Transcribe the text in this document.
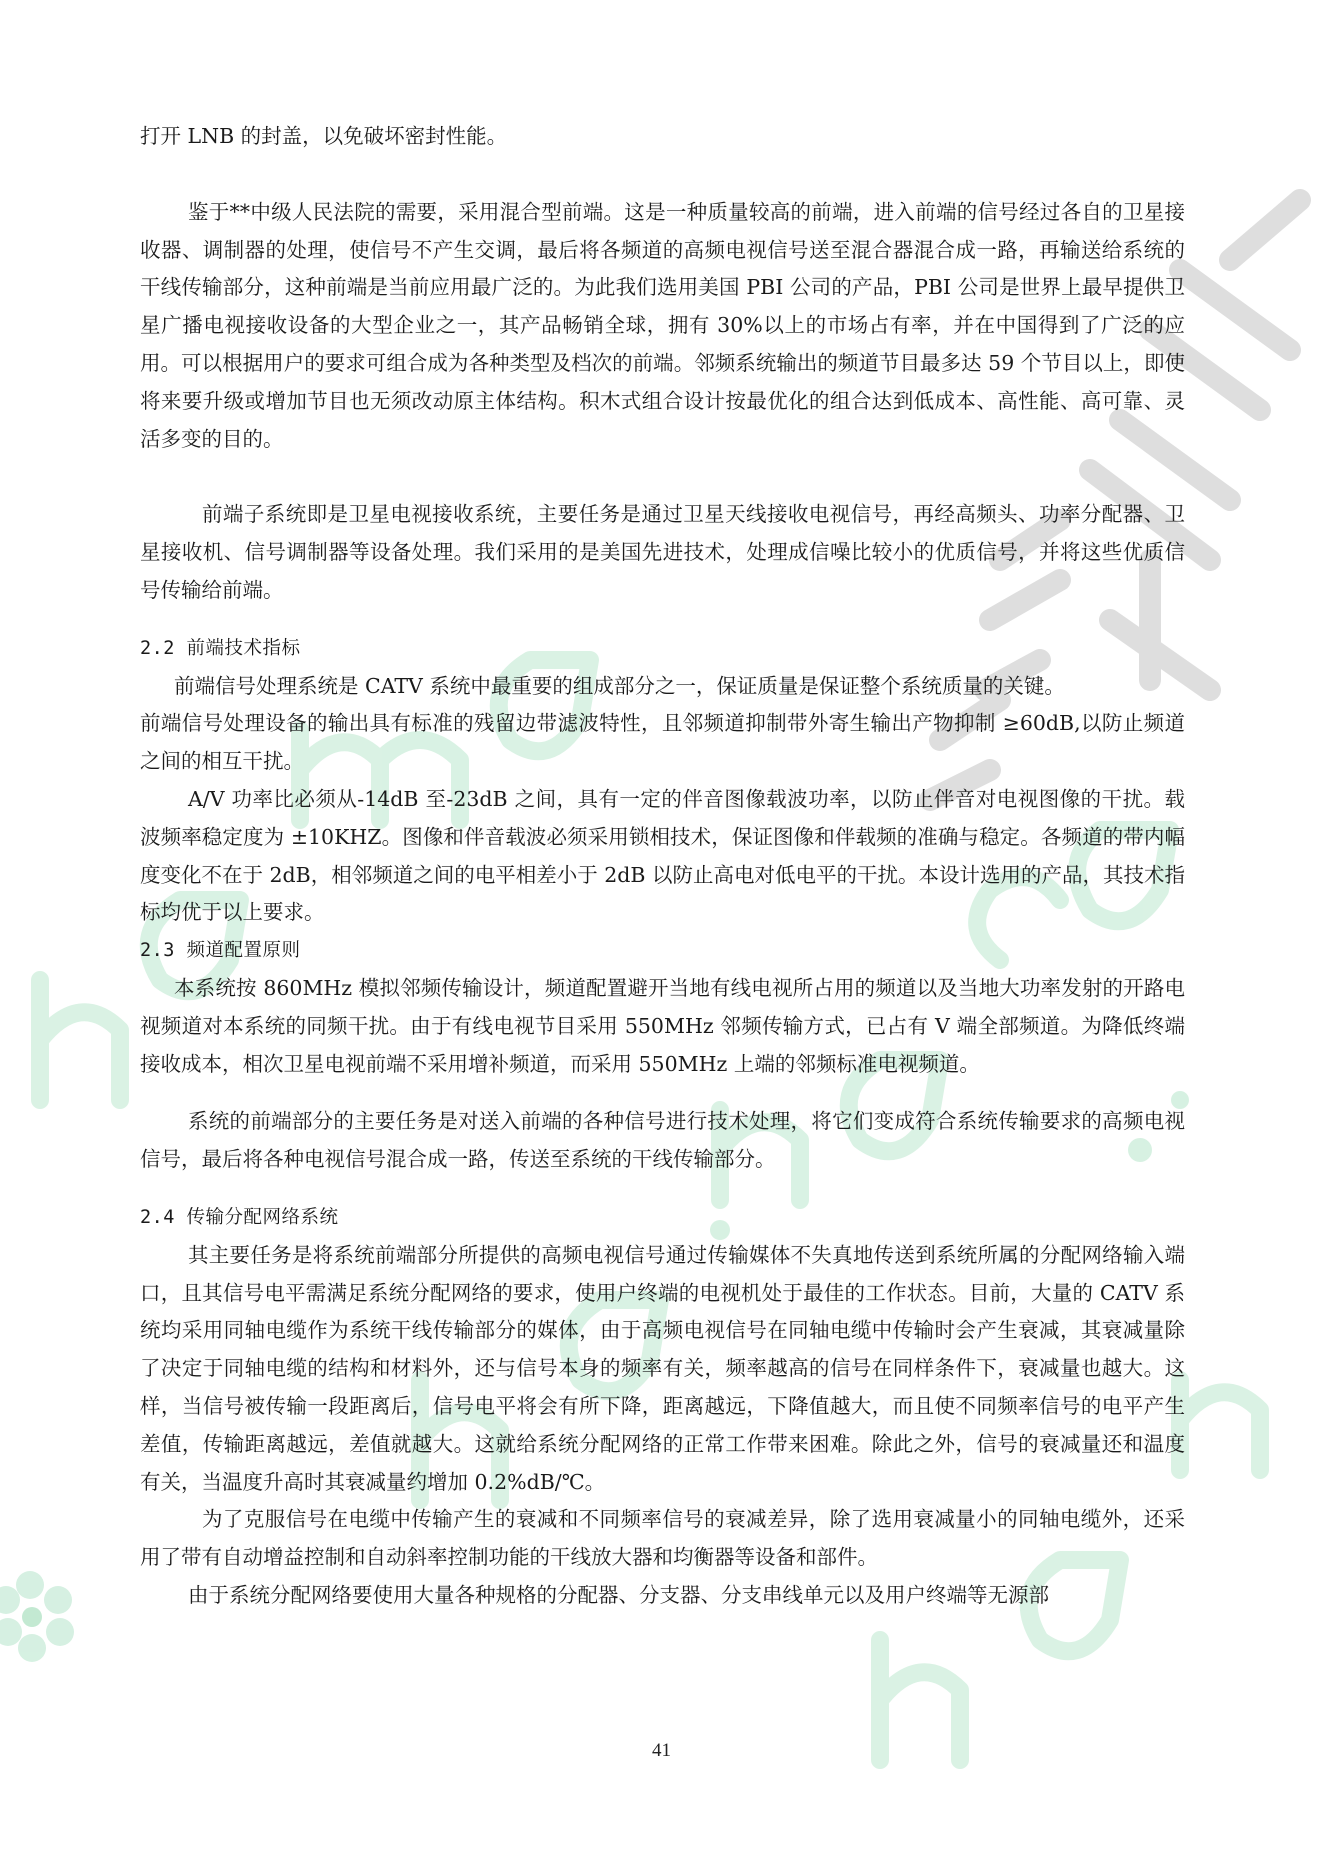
打开 LNB 的封盖，以免破坏密封性能。

鉴于**中级人民法院的需要，采用混合型前端。这是一种质量较高的前端，进入前端的信号经过各自的卫星接收器、调制器的处理，使信号不产生交调，最后将各频道的高频电视信号送至混合器混合成一路，再输送给系统的干线传输部分，这种前端是当前应用最广泛的。为此我们选用美国 PBI 公司的产品，PBI 公司是世界上最早提供卫星广播电视接收设备的大型企业之一，其产品畅销全球，拥有 30%以上的市场占有率，并在中国得到了广泛的应用。可以根据用户的要求可组合成为各种类型及档次的前端。邻频系统输出的频道节目最多达 59 个节目以上，即使将来要升级或增加节目也无须改动原主体结构。积木式组合设计按最优化的组合达到低成本、高性能、高可靠、灵活多变的目的。

前端子系统即是卫星电视接收系统，主要任务是通过卫星天线接收电视信号，再经高频头、功率分配器、卫星接收机、信号调制器等设备处理。我们采用的是美国先进技术，处理成信噪比较小的优质信号，并将这些优质信号传输给前端。

2.2 前端技术指标

前端信号处理系统是 CATV 系统中最重要的组成部分之一，保证质量是保证整个系统质量的关键。

前端信号处理设备的输出具有标准的残留边带滤波特性，且邻频道抑制带外寄生输出产物抑制 ≥60dB,以防止频道之间的相互干扰。

A/V 功率比必须从-14dB 至-23dB 之间，具有一定的伴音图像载波功率，以防止伴音对电视图像的干扰。载波频率稳定度为 ±10KHZ。图像和伴音载波必须采用锁相技术，保证图像和伴载频的准确与稳定。各频道的带内幅度变化不在于 2dB，相邻频道之间的电平相差小于 2dB 以防止高电对低电平的干扰。本设计选用的产品，其技术指标均优于以上要求。

2.3 频道配置原则

本系统按 860MHz 模拟邻频传输设计，频道配置避开当地有线电视所占用的频道以及当地大功率发射的开路电视频道对本系统的同频干扰。由于有线电视节目采用 550MHz 邻频传输方式，已占有 V 端全部频道。为降低终端接收成本，相次卫星电视前端不采用增补频道，而采用 550MHz 上端的邻频标准电视频道。

系统的前端部分的主要任务是对送入前端的各种信号进行技术处理，将它们变成符合系统传输要求的高频电视信号，最后将各种电视信号混合成一路，传送至系统的干线传输部分。

2.4 传输分配网络系统

其主要任务是将系统前端部分所提供的高频电视信号通过传输媒体不失真地传送到系统所属的分配网络输入端口，且其信号电平需满足系统分配网络的要求，使用户终端的电视机处于最佳的工作状态。目前，大量的 CATV 系统均采用同轴电缆作为系统干线传输部分的媒体，由于高频电视信号在同轴电缆中传输时会产生衰减，其衰减量除了决定于同轴电缆的结构和材料外，还与信号本身的频率有关，频率越高的信号在同样条件下，衰减量也越大。这样，当信号被传输一段距离后，信号电平将会有所下降，距离越远，下降值越大，而且使不同频率信号的电平产生差值，传输距离越远，差值就越大。这就给系统分配网络的正常工作带来困难。除此之外，信号的衰减量还和温度有关，当温度升高时其衰减量约增加 0.2%dB/℃。

为了克服信号在电缆中传输产生的衰减和不同频率信号的衰减差异，除了选用衰减量小的同轴电缆外，还采用了带有自动增益控制和自动斜率控制功能的干线放大器和均衡器等设备和部件。

由于系统分配网络要使用大量各种规格的分配器、分支器、分支串线单元以及用户终端等无源部

41
